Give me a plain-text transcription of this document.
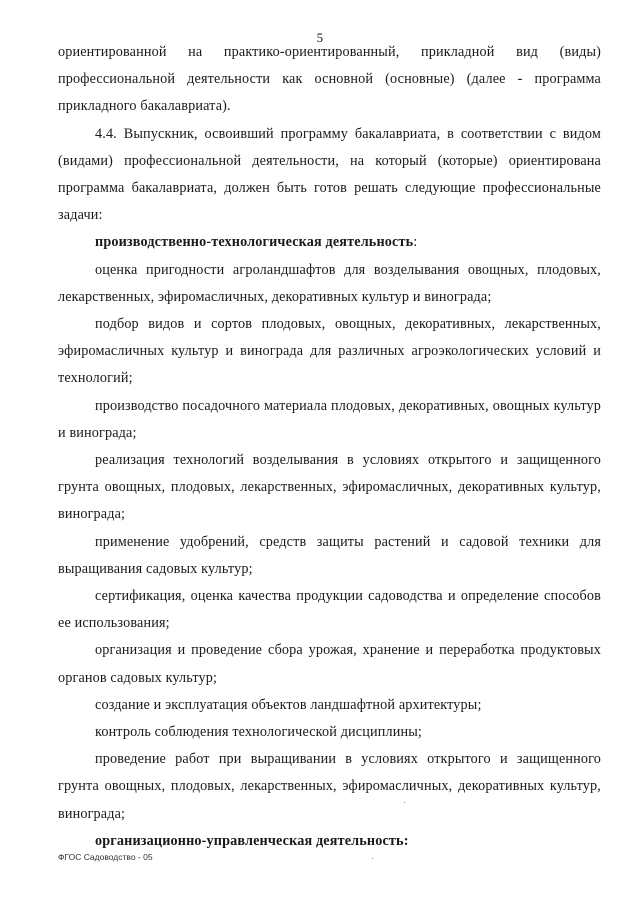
5

ориентированной на практико-ориентированный, прикладной вид (виды) профессиональной деятельности как основной (основные) (далее - программа прикладного бакалавриата).

4.4. Выпускник, освоивший программу бакалавриата, в соответствии с видом (видами) профессиональной деятельности, на который (которые) ориентирована программа бакалавриата, должен быть готов решать следующие профессиональные задачи:

производственно-технологическая деятельность:

оценка пригодности агроландшафтов для возделывания овощных, плодовых, лекарственных, эфиромасличных, декоративных культур и винограда;

подбор видов и сортов плодовых, овощных, декоративных, лекарственных, эфиромасличных культур и винограда для различных агроэкологических условий и технологий;

производство посадочного материала плодовых, декоративных, овощных культур и винограда;

реализация технологий возделывания в условиях открытого и защищенного грунта овощных, плодовых, лекарственных, эфиромасличных, декоративных культур, винограда;

применение удобрений, средств защиты растений и садовой техники для выращивания садовых культур;

сертификация, оценка качества продукции садоводства и определение способов ее использования;

организация и проведение сбора урожая, хранение и переработка продуктовых органов садовых культур;

создание и эксплуатация объектов ландшафтной архитектуры;

контроль соблюдения технологической дисциплины;

проведение работ при выращивании в условиях открытого и защищенного грунта овощных, плодовых, лекарственных, эфиромасличных, декоративных культур, винограда;

организационно-управленческая деятельность:

ФГОС Садоводство - 05
